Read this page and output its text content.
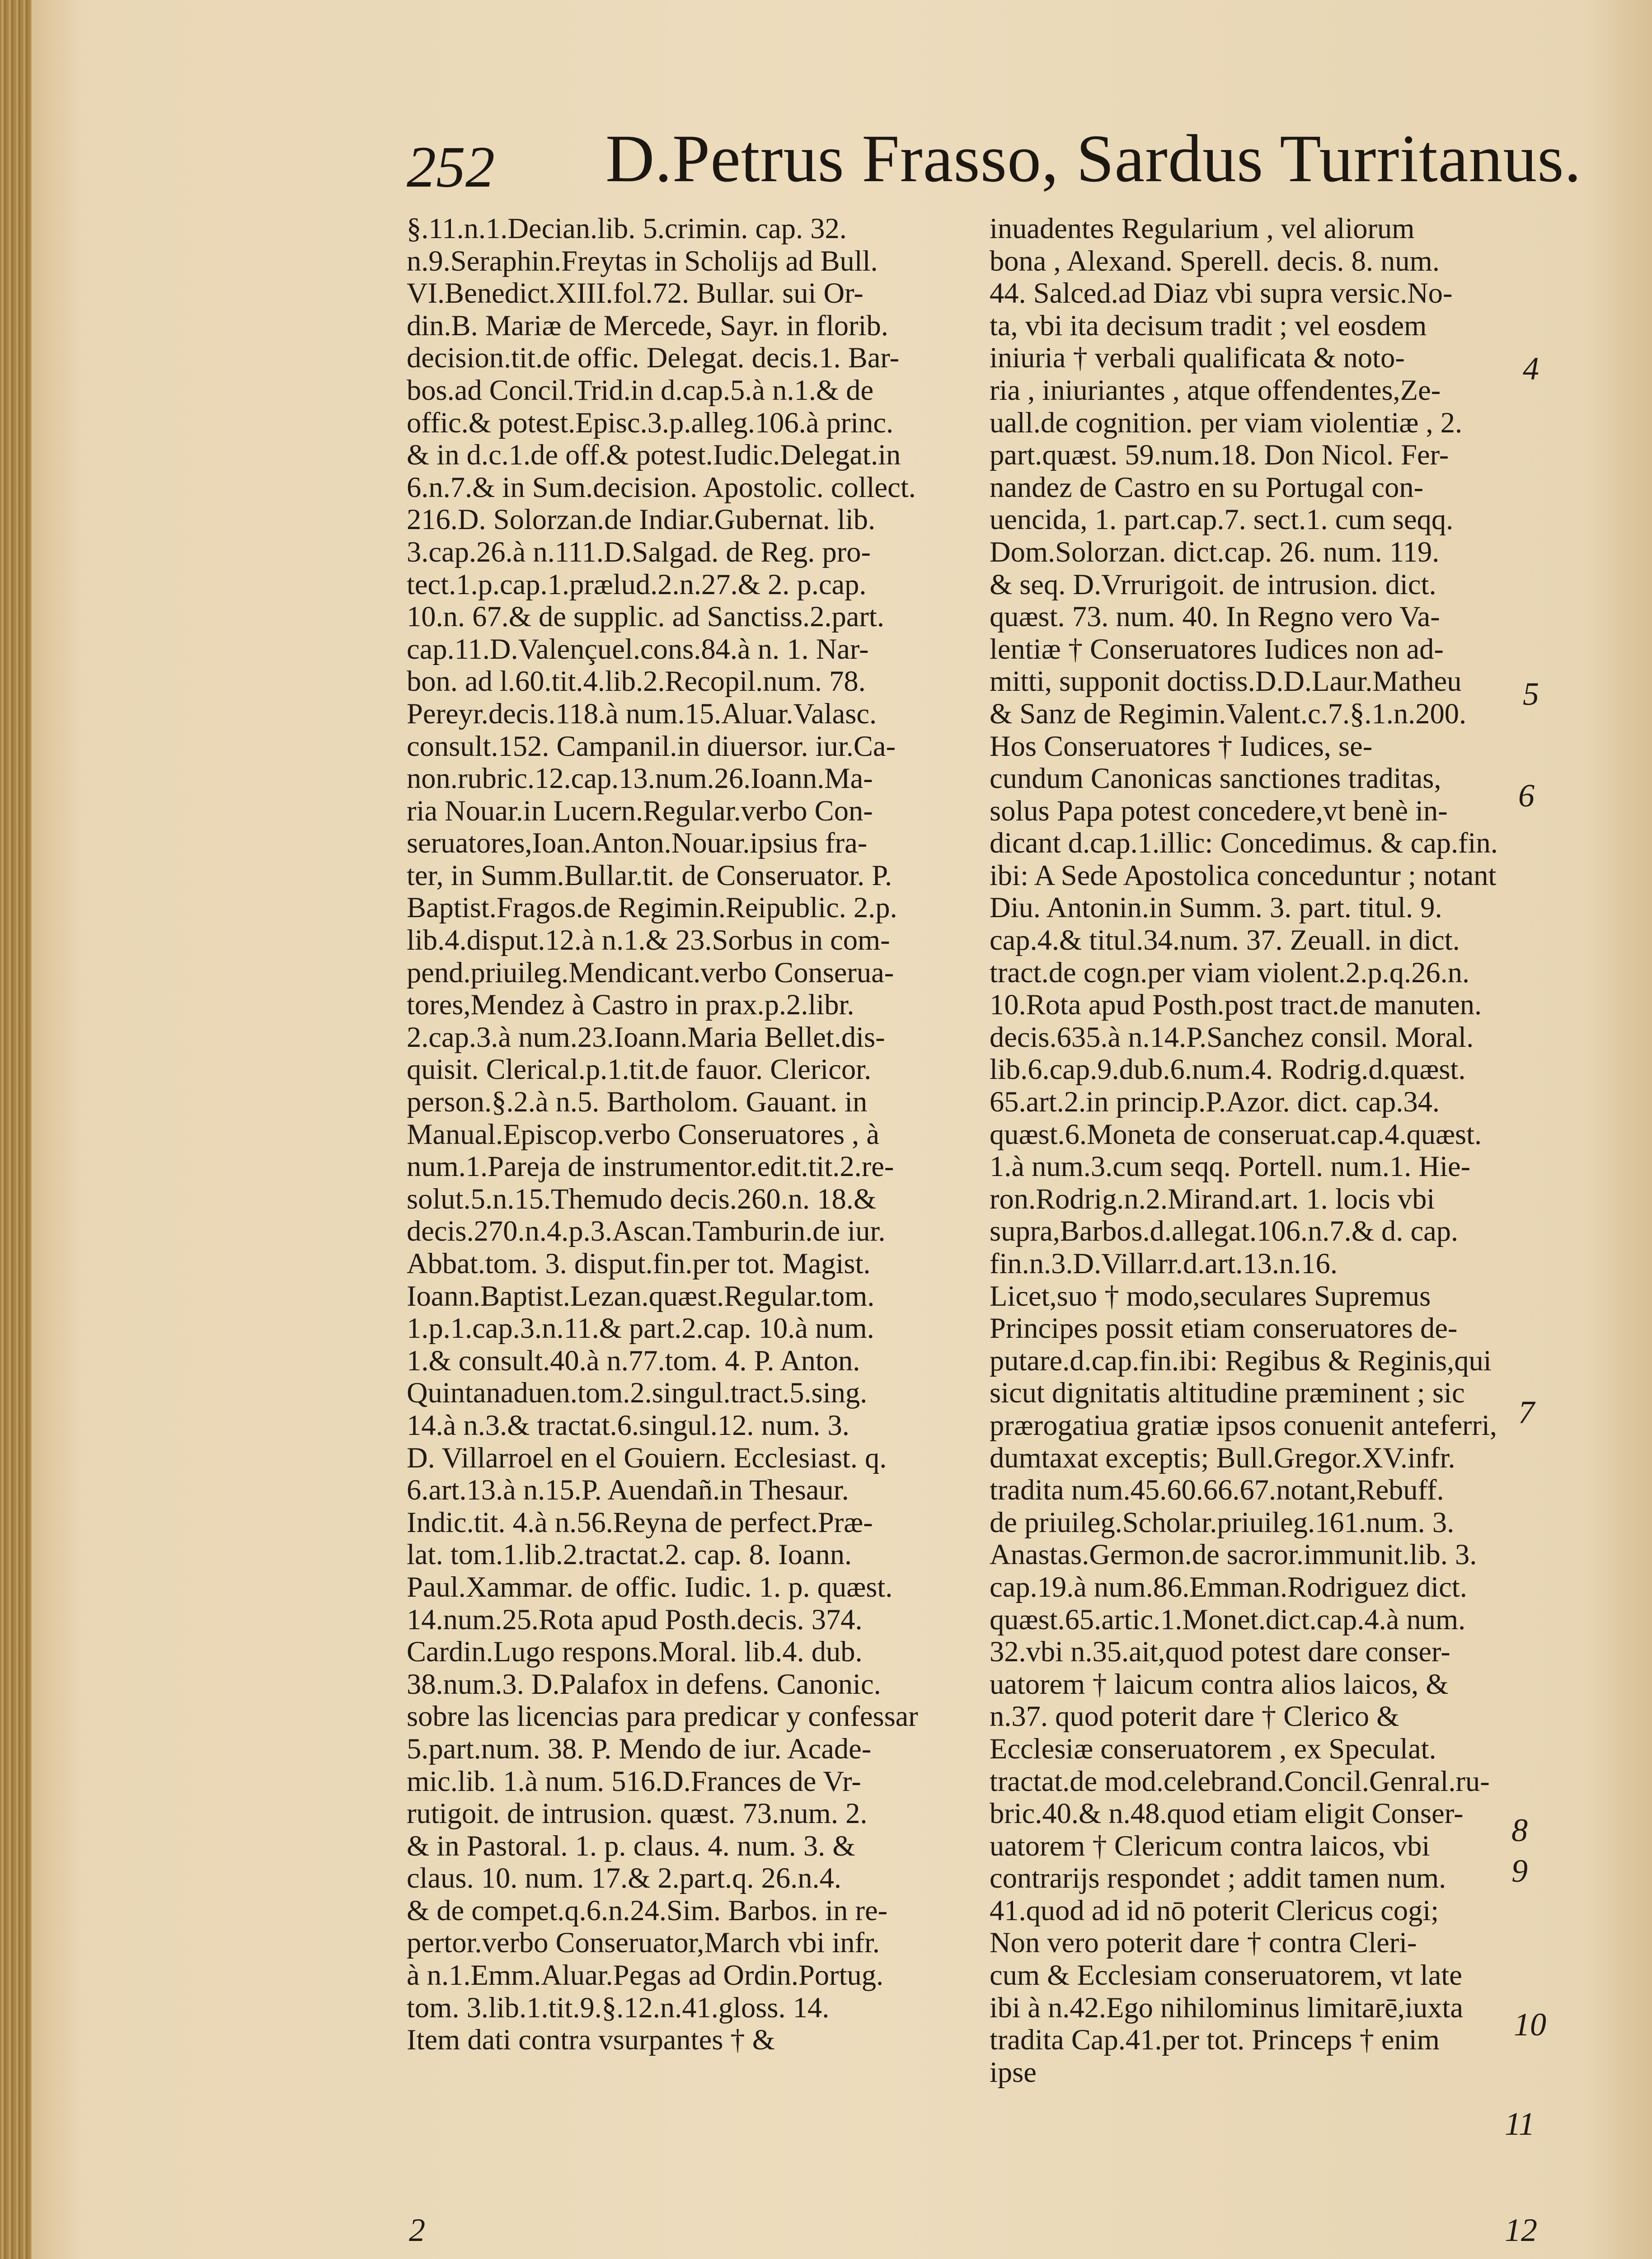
252 D.Petrus Frasso, Sardus Turritanus.
§.11.n.1.Decian.lib. 5.crimin. cap. 32.
n.9.Seraphin.Freytas in Scholijs ad Bull.
VI.Benedict.XIII.fol.72. Bullar. sui Or-
din.B. Mariæ de Mercede, Sayr. in florib.
decision.tit.de offic. Delegat. decis.1. Bar-
bos.ad Concil.Trid.in d.cap.5.à n.1.& de
offic.& potest.Episc.3.p.alleg.106.à princ.
& in d.c.1.de off.& potest.Iudic.Delegat.in
6.n.7.& in Sum.decision. Apostolic. collect.
216.D. Solorzan.de Indiar.Gubernat. lib.
3.cap.26.à n.111.D.Salgad. de Reg. pro-
tect.1.p.cap.1.prælud.2.n.27.& 2. p.cap.
10.n. 67.& de supplic. ad Sanctiss.2.part.
cap.11.D.Valençuel.cons.84.à n. 1. Nar-
bon. ad l.60.tit.4.lib.2.Recopil.num. 78.
Pereyr.decis.118.à num.15.Aluar.Valasc.
consult.152. Campanil.in diuersor. iur.Ca-
non.rubric.12.cap.13.num.26.Ioann.Ma-
ria Nouar.in Lucern.Regular.verbo Con-
seruatores,Ioan.Anton.Nouar.ipsius fra-
ter, in Summ.Bullar.tit. de Conseruator. P.
Baptist.Fragos.de Regimin.Reipublic. 2.p.
lib.4.disput.12.à n.1.& 23.Sorbus in com-
pend.priuileg.Mendicant.verbo Conserua-
tores,Mendez à Castro in prax.p.2.libr.
2.cap.3.à num.23.Ioann.Maria Bellet.dis-
quisit. Clerical.p.1.tit.de fauor. Clericor.
person.§.2.à n.5. Bartholom. Gauant. in
Manual.Episcop.verbo Conseruatores , à
num.1.Pareja de instrumentor.edit.tit.2.re-
solut.5.n.15.Themudo decis.260.n. 18.&
decis.270.n.4.p.3.Ascan.Tamburin.de iur.
Abbat.tom. 3. disput.fin.per tot. Magist.
Ioann.Baptist.Lezan.quæst.Regular.tom.
1.p.1.cap.3.n.11.& part.2.cap. 10.à num.
1.& consult.40.à n.77.tom. 4. P. Anton.
Quintanaduen.tom.2.singul.tract.5.sing.
14.à n.3.& tractat.6.singul.12. num. 3.
D. Villarroel en el Gouiern. Ecclesiast. q.
6.art.13.à n.15.P. Auendañ.in Thesaur.
Indic.tit. 4.à n.56.Reyna de perfect.Præ-
lat. tom.1.lib.2.tractat.2. cap. 8. Ioann.
Paul.Xammar. de offic. Iudic. 1. p. quæst.
14.num.25.Rota apud Posth.decis. 374.
Cardin.Lugo respons.Moral. lib.4. dub.
38.num.3. D.Palafox in defens. Canonic.
sobre las licencias para predicar y confessar
5.part.num. 38. P. Mendo de iur. Acade-
mic.lib. 1.à num. 516.D.Frances de Vr-
rutigoit. de intrusion. quæst. 73.num. 2.
& in Pastoral. 1. p. claus. 4. num. 3. &
claus. 10. num. 17.& 2.part.q. 26.n.4.
& de compet.q.6.n.24.Sim. Barbos. in re-
pertor.verbo Conseruator,March vbi infr.
à n.1.Emm.Aluar.Pegas ad Ordin.Portug.
tom. 3.lib.1.tit.9.§.12.n.41.gloss. 14.
Item dati contra vsurpantes † &
inuadentes Regularium , vel aliorum
bona , Alexand. Sperell. decis. 8. num.
44. Salced.ad Diaz vbi supra versic.No-
ta, vbi ita decisum tradit ; vel eosdem
iniuria † verbali qualificata & noto-
ria , iniuriantes , atque offendentes,Ze-
uall.de cognition. per viam violentiæ , 2.
part.quæst. 59.num.18. Don Nicol. Fer-
nandez de Castro en su Portugal con-
uencida, 1. part.cap.7. sect.1. cum seqq.
Dom.Solorzan. dict.cap. 26. num. 119.
& seq. D.Vrrurigoit. de intrusion. dict.
quæst. 73. num. 40. In Regno vero Va-
lentiæ † Conseruatores Iudices non ad-
mitti, supponit doctiss.D.D.Laur.Matheu
& Sanz de Regimin.Valent.c.7.§.1.n.200.
Hos Conseruatores † Iudices, se-
cundum Canonicas sanctiones traditas,
solus Papa potest concedere,vt benè in-
dicant d.cap.1.illic: Concedimus. & cap.fin.
ibi: A Sede Apostolica conceduntur ; notant
Diu. Antonin.in Summ. 3. part. titul. 9.
cap.4.& titul.34.num. 37. Zeuall. in dict.
tract.de cogn.per viam violent.2.p.q.26.n.
10.Rota apud Posth.post tract.de manuten.
decis.635.à n.14.P.Sanchez consil. Moral.
lib.6.cap.9.dub.6.num.4. Rodrig.d.quæst.
65.art.2.in princip.P.Azor. dict. cap.34.
quæst.6.Moneta de conseruat.cap.4.quæst.
1.à num.3.cum seqq. Portell. num.1. Hie-
ron.Rodrig.n.2.Mirand.art. 1. locis vbi
supra,Barbos.d.allegat.106.n.7.& d. cap.
fin.n.3.D.Villarr.d.art.13.n.16.
Licet,suo † modo,seculares Supremus
Principes possit etiam conseruatores de-
putare.d.cap.fin.ibi: Regibus & Reginis,qui
sicut dignitatis altitudine præminent ; sic
prærogatiua gratiæ ipsos conuenit anteferri,
dumtaxat exceptis; Bull.Gregor.XV.infr.
tradita num.45.60.66.67.notant,Rebuff.
de priuileg.Scholar.priuileg.161.num. 3.
Anastas.Germon.de sacror.immunit.lib. 3.
cap.19.à num.86.Emman.Rodriguez dict.
quæst.65.artic.1.Monet.dict.cap.4.à num.
32.vbi n.35.ait,quod potest dare conser-
uatorem † laicum contra alios laicos, &
n.37. quod poterit dare † Clerico &
Ecclesiæ conseruatorem , ex Speculat.
tractat.de mod.celebrand.Concil.Genral.ru-
bric.40.& n.48.quod etiam eligit Conser-
uatorem † Clericum contra laicos, vbi
contrarijs respondet ; addit tamen num.
41.quod ad id nō poterit Clericus cogi;
Non vero poterit dare † contra Cleri-
cum & Ecclesiam conseruatorem, vt late
ibi à n.42.Ego nihilominus limitarē,iuxta
tradita Cap.41.per tot. Princeps † enim
ipse
2
4
5
6
7
8
9
10
11
12
